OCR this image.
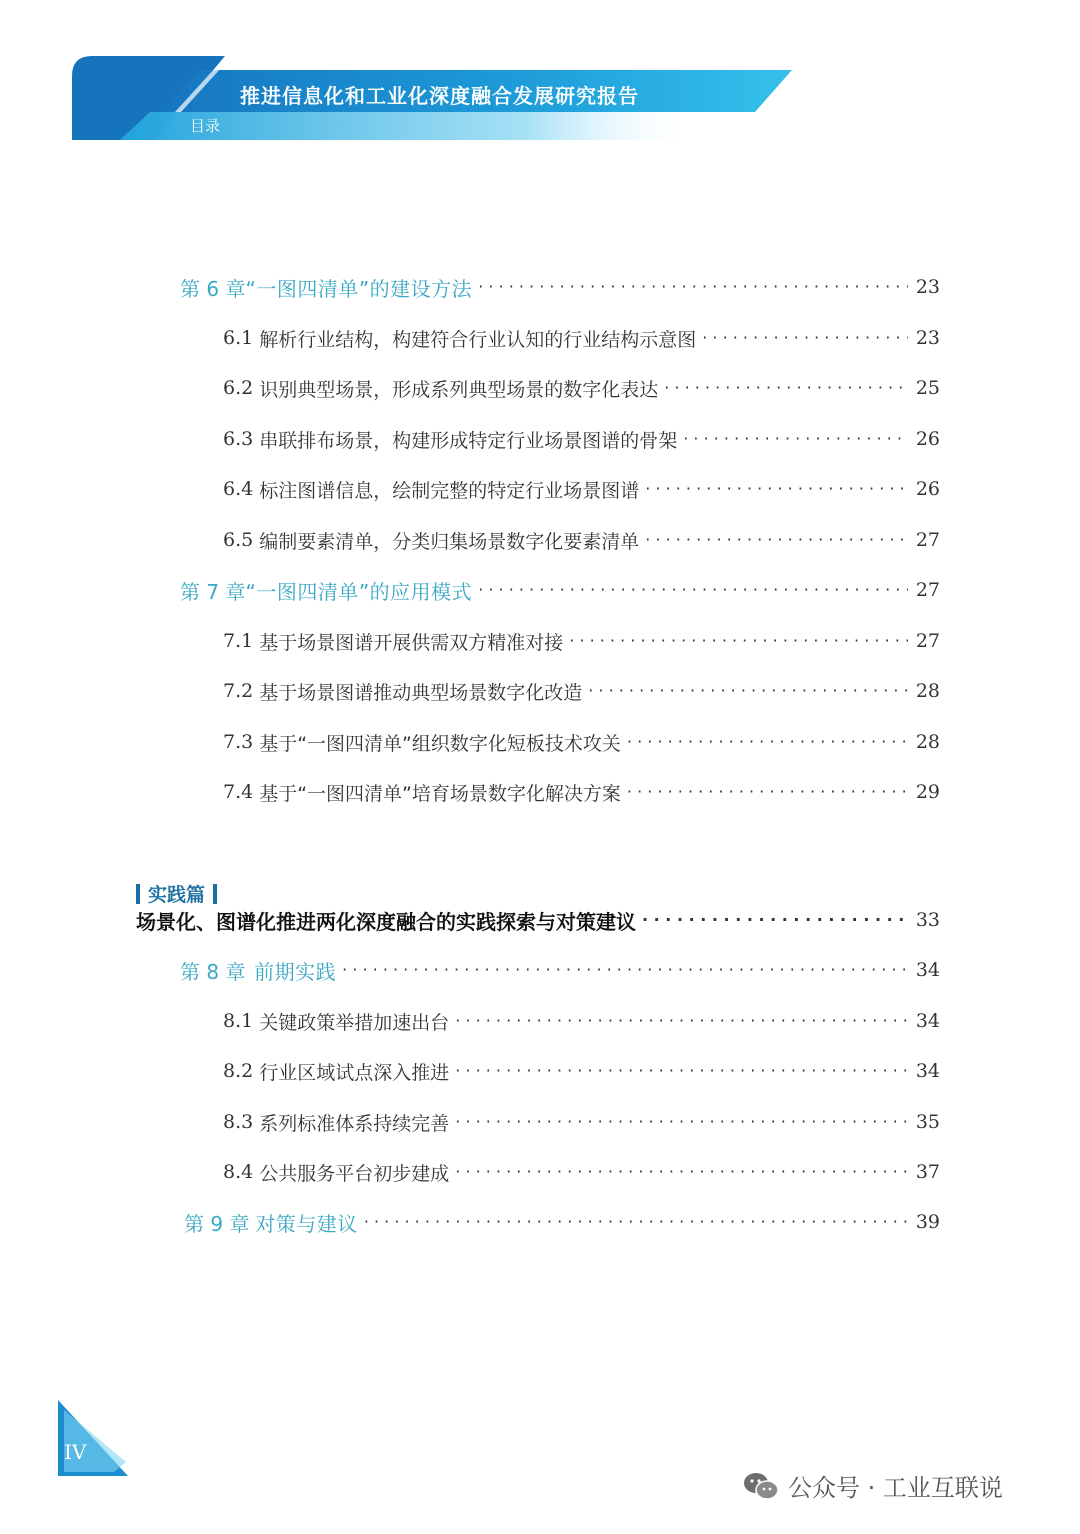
推进信息化和工业化深度融合发展研究报告
目录
第 6 章 “一图四清单”的建设方法 · · ·	23
6.1 解析行业结构，构建符合行业认知的行业结构示意图 · · ·	23
6.2 识别典型场景，形成系列典型场景的数字化表达 · · ·	25
6.3 串联排布场景，构建形成特定行业场景图谱的骨架 · · ·	26
6.4 标注图谱信息，绘制完整的特定行业场景图谱 · · ·	26
6.5 编制要素清单，分类归集场景数字化要素清单 · · ·	27
第 7 章 “一图四清单”的应用模式 · · ·	27
7.1 基于场景图谱开展供需双方精准对接 · · ·	27
7.2 基于场景图谱推动典型场景数字化改造 · · ·	28
7.3 基于“一图四清单”组织数字化短板技术攻关 · · ·	28
7.4 基于“一图四清单”培育场景数字化解决方案 · · ·	29
实践篇
场景化、图谱化推进两化深度融合的实践探索与对策建议 · · ·	33
第 8 章 前期实践 · · ·	34
8.1 关键政策举措加速出台 · · ·	34
8.2 行业区域试点深入推进 · · ·	34
8.3 系列标准体系持续完善 · · ·	35
8.4 公共服务平台初步建成 · · ·	37
第 9 章 对策与建议 · · ·	39
IV
公众号 · 工业互联说
